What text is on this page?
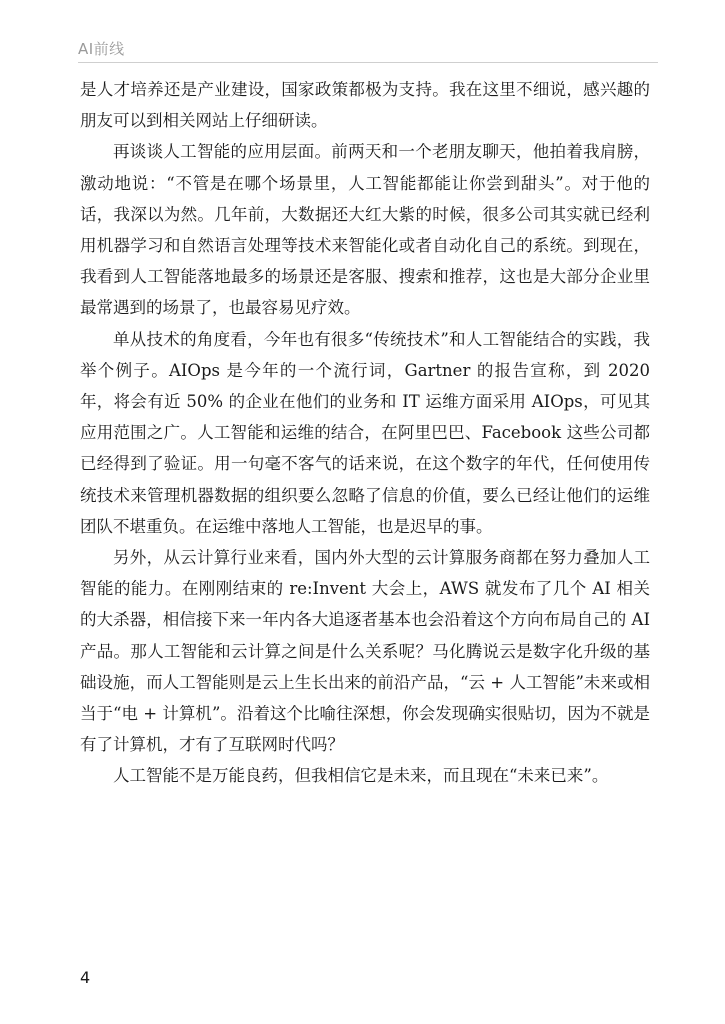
AI前线

是人才培养还是产业建设，国家政策都极为支持。我在这里不细说，感兴趣的朋友可以到相关网站上仔细研读。

再谈谈人工智能的应用层面。前两天和一个老朋友聊天，他拍着我肩膀，激动地说：“不管是在哪个场景里，人工智能都能让你尝到甜头”。对于他的话，我深以为然。几年前，大数据还大红大紫的时候，很多公司其实就已经利用机器学习和自然语言处理等技术来智能化或者自动化自己的系统。到现在，我看到人工智能落地最多的场景还是客服、搜索和推荐，这也是大部分企业里最常遇到的场景了，也最容易见疗效。

单从技术的角度看，今年也有很多“传统技术”和人工智能结合的实践，我举个例子。AIOps 是今年的一个流行词，Gartner 的报告宣称，到 2020 年，将会有近 50% 的企业在他们的业务和 IT 运维方面采用 AIOps，可见其应用范围之广。人工智能和运维的结合，在阿里巴巴、Facebook 这些公司都已经得到了验证。用一句毫不客气的话来说，在这个数字的年代，任何使用传统技术来管理机器数据的组织要么忽略了信息的价值，要么已经让他们的运维团队不堪重负。在运维中落地人工智能，也是迟早的事。

另外，从云计算行业来看，国内外大型的云计算服务商都在努力叠加人工智能的能力。在刚刚结束的 re:Invent 大会上，AWS 就发布了几个 AI 相关的大杀器，相信接下来一年内各大追逐者基本也会沿着这个方向布局自己的 AI 产品。那人工智能和云计算之间是什么关系呢？马化腾说云是数字化升级的基础设施，而人工智能则是云上生长出来的前沿产品，“云 + 人工智能”未来或相当于“电 + 计算机”。沿着这个比喻往深想，你会发现确实很贴切，因为不就是有了计算机，才有了互联网时代吗？

人工智能不是万能良药，但我相信它是未来，而且现在“未来已来”。

4
